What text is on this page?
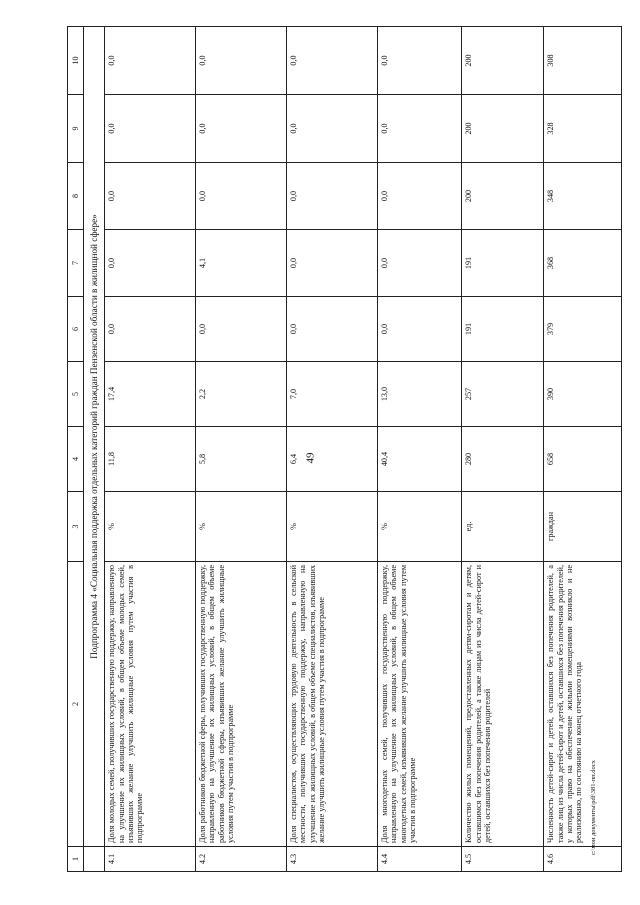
49
1	2	3	4	5	6	7	8	9	10
	Подпрограмма 4 «Социальная поддержка отдельных категорий граждан Пензенской области в жилищной сфере»								
4.1	Доля молодых семей, получивших государственную поддержку, направленную на улучшение их жилищных условий, в общем объеме молодых семей, изъявивших желание улучшить жилищные условия путем участия в подпрограмме	%	11,8	17,4	0,0	0,0	0,0	0,0	0,0
4.2	Доля работников бюджетной сферы, получивших государственную поддержку, направленную на улучшение их жилищных условий, в общем объеме работников бюджетной сферы, изъявивших желание улучшить жилищные условия путем участия в подпрограмме	%	5,8	2,2	0,0	4,1	0,0	0,0	0,0
4.3	Доля специалистов, осуществляющих трудовую деятельность в сельской местности, получивших государственную поддержку, направленную на улучшение их жилищных условий, в общем объеме специалистов, изъявивших желание улучшить жилищные условия путем участия в подпрограмме	%	6,4	7,0	0,0	0,0	0,0	0,0	0,0
4.4	Доля многодетных семей, получивших государственную поддержку, направленную на улучшение их жилищных условий, в общем объеме многодетных семей, изъявивших желание улучшить жилищные условия путем участия в подпрограмме	%	40,4	13,0	0,0	0,0	0,0	0,0	0,0
4.5	Количество жилых помещений, предоставленных детям-сиротам и детям, оставшимся без попечения родителей, а также лицам из числа детей-сирот и детей, оставшихся без попечения родителей	ед.	280	257	191	191	200	200	200
4.6	Численность детей-сирот и детей, оставшихся без попечения родителей, а также лиц из числа детей-сирот и детей, оставшихся без попечения родителей, у которых право на обеспечение жилыми помещениями возникло и не реализовано, по состоянию на конец отчетного года	граждан	658	390	379	368	348	328	308
c:\мои документы\pdf\381-пп.docx
